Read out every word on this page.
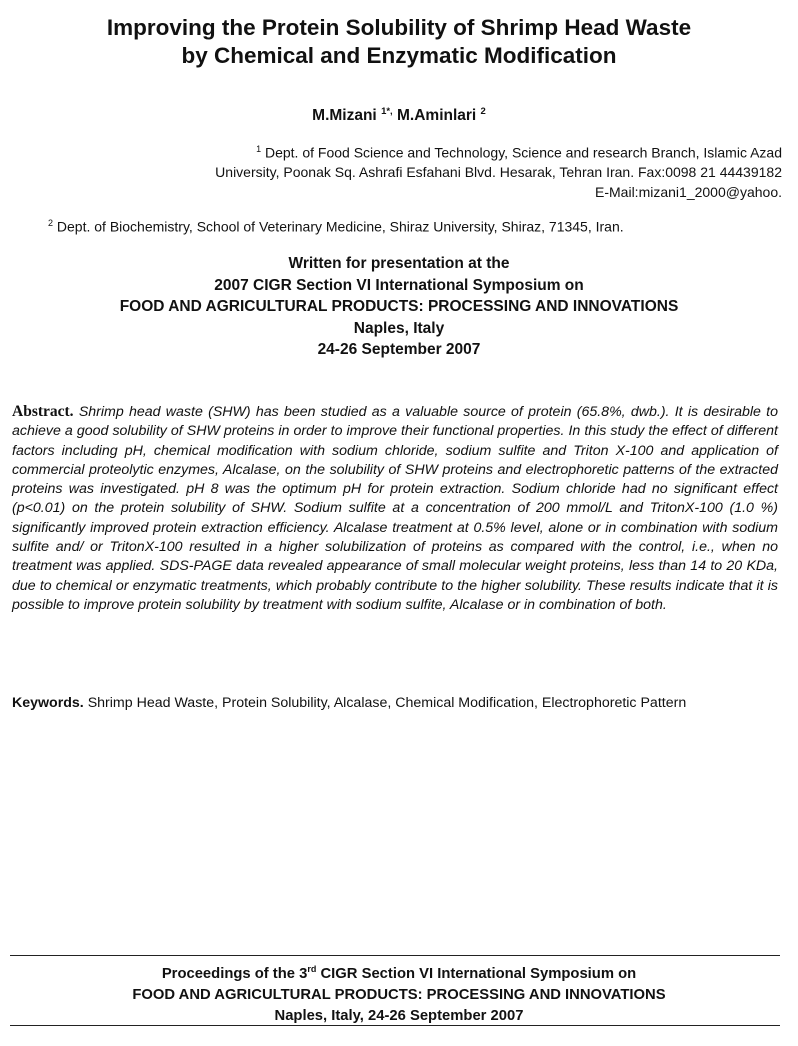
Improving the Protein Solubility of Shrimp Head Waste
by Chemical and Enzymatic Modification
M.Mizani $^{1*,}$ M.Aminlari $^2$
$^1$ Dept. of Food Science and Technology, Science and research Branch, Islamic Azad
University, Poonak Sq. Ashrafi Esfahani Blvd. Hesarak, Tehran Iran. Fax:0098 21 44439182
E-Mail:mizani1_2000@yahoo.
$^2$ Dept. of Biochemistry, School of Veterinary Medicine, Shiraz University, Shiraz, 71345, Iran.
Written for presentation at the
2007 CIGR Section VI International Symposium on
FOOD AND AGRICULTURAL PRODUCTS: PROCESSING AND INNOVATIONS
Naples, Italy
24-26 September 2007
Abstract. Shrimp head waste (SHW) has been studied as a valuable source of protein (65.8%, dwb.). It is desirable to achieve a good solubility of SHW proteins in order to improve their functional properties. In this study the effect of different factors including pH, chemical modification with sodium chloride, sodium sulfite and Triton X-100 and application of commercial proteolytic enzymes, Alcalase, on the solubility of SHW proteins and electrophoretic patterns of the extracted proteins was investigated. pH 8 was the optimum pH for protein extraction. Sodium chloride had no significant effect (p<0.01) on the protein solubility of SHW. Sodium sulfite at a concentration of 200 mmol/L and TritonX-100 (1.0 %) significantly improved protein extraction efficiency. Alcalase treatment at 0.5% level, alone or in combination with sodium sulfite and/ or TritonX-100 resulted in a higher solubilization of proteins as compared with the control, i.e., when no treatment was applied. SDS-PAGE data revealed appearance of small molecular weight proteins, less than 14 to 20 KDa, due to chemical or enzymatic treatments, which probably contribute to the higher solubility. These results indicate that it is possible to improve protein solubility by treatment with sodium sulfite, Alcalase or in combination of both.
Keywords. Shrimp Head Waste, Protein Solubility, Alcalase, Chemical Modification, Electrophoretic Pattern
Proceedings of the 3rd CIGR Section VI International Symposium on
FOOD AND AGRICULTURAL PRODUCTS: PROCESSING AND INNOVATIONS
Naples, Italy, 24-26 September 2007
